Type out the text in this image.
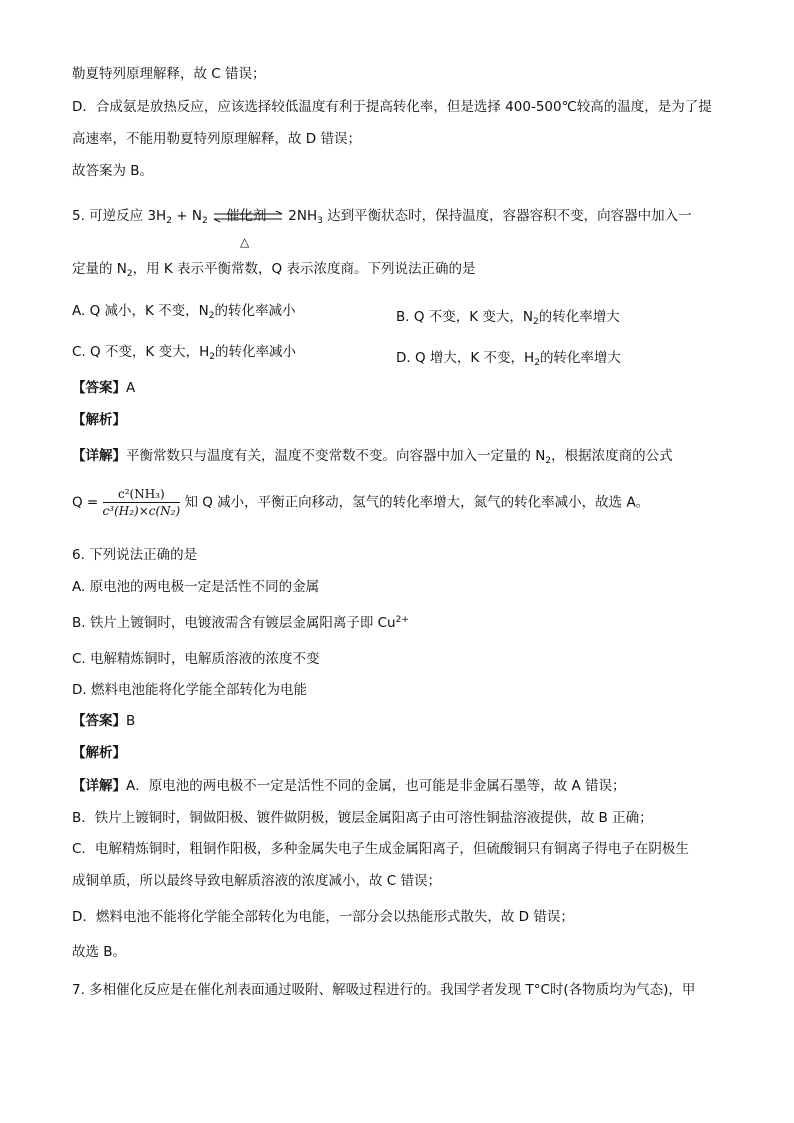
勒夏特列原理解释，故 C 错误；
D．合成氨是放热反应，应该选择较低温度有利于提高转化率，但是选择 400-500℃较高的温度，是为了提
高速率，不能用勒夏特列原理解释，故 D 错误；
故答案为 B。
5. 可逆反应 $3H_2 + N_2$ 催化剂
△
$2NH_3$ 达到平衡状态时，保持温度，容器容积不变，向容器中加入一
定量的 $N_2$，用 K 表示平衡常数，Q 表示浓度商。下列说法正确的是
A. Q 减小，K 不变，$N_2$的转化率减小	B. Q 不变，K 变大，$N_2$的转化率增大
C. Q 不变，K 变大，$H_2$的转化率减小	D. Q 增大，K 不变，$H_2$的转化率增大
【答案】A
【解析】
【详解】平衡常数只与温度有关，温度不变常数不变。向容器中加入一定量的 $N_2$，根据浓度商的公式
$Q = \frac{\text{c²(NH₃)}}{\text{c³(H₂)×c(N₂)}}$ 知 Q 减小，平衡正向移动，氢气的转化率增大，氮气的转化率减小，故选 A。
6. 下列说法正确的是
A. 原电池的两电极一定是活性不同的金属
B. 铁片上镀铜时，电镀液需含有镀层金属阳离子即 $Cu^{2+}$
C. 电解精炼铜时，电解质溶液的浓度不变
D. 燃料电池能将化学能全部转化为电能
【答案】B
【解析】
【详解】A．原电池的两电极不一定是活性不同的金属，也可能是非金属石墨等，故 A 错误；
B．铁片上镀铜时，铜做阳极、镀件做阴极，镀层金属阳离子由可溶性铜盐溶液提供，故 B 正确；
C．电解精炼铜时，粗铜作阳极，多种金属失电子生成金属阳离子，但硫酸铜只有铜离子得电子在阴极生
成铜单质，所以最终导致电解质溶液的浓度减小，故 C 错误；
D．燃料电池不能将化学能全部转化为电能，一部分会以热能形式散失，故 D 错误；
故选 B。
7. 多相催化反应是在催化剂表面通过吸附、解吸过程进行的。我国学者发现 T°C时(各物质均为气态)，甲
